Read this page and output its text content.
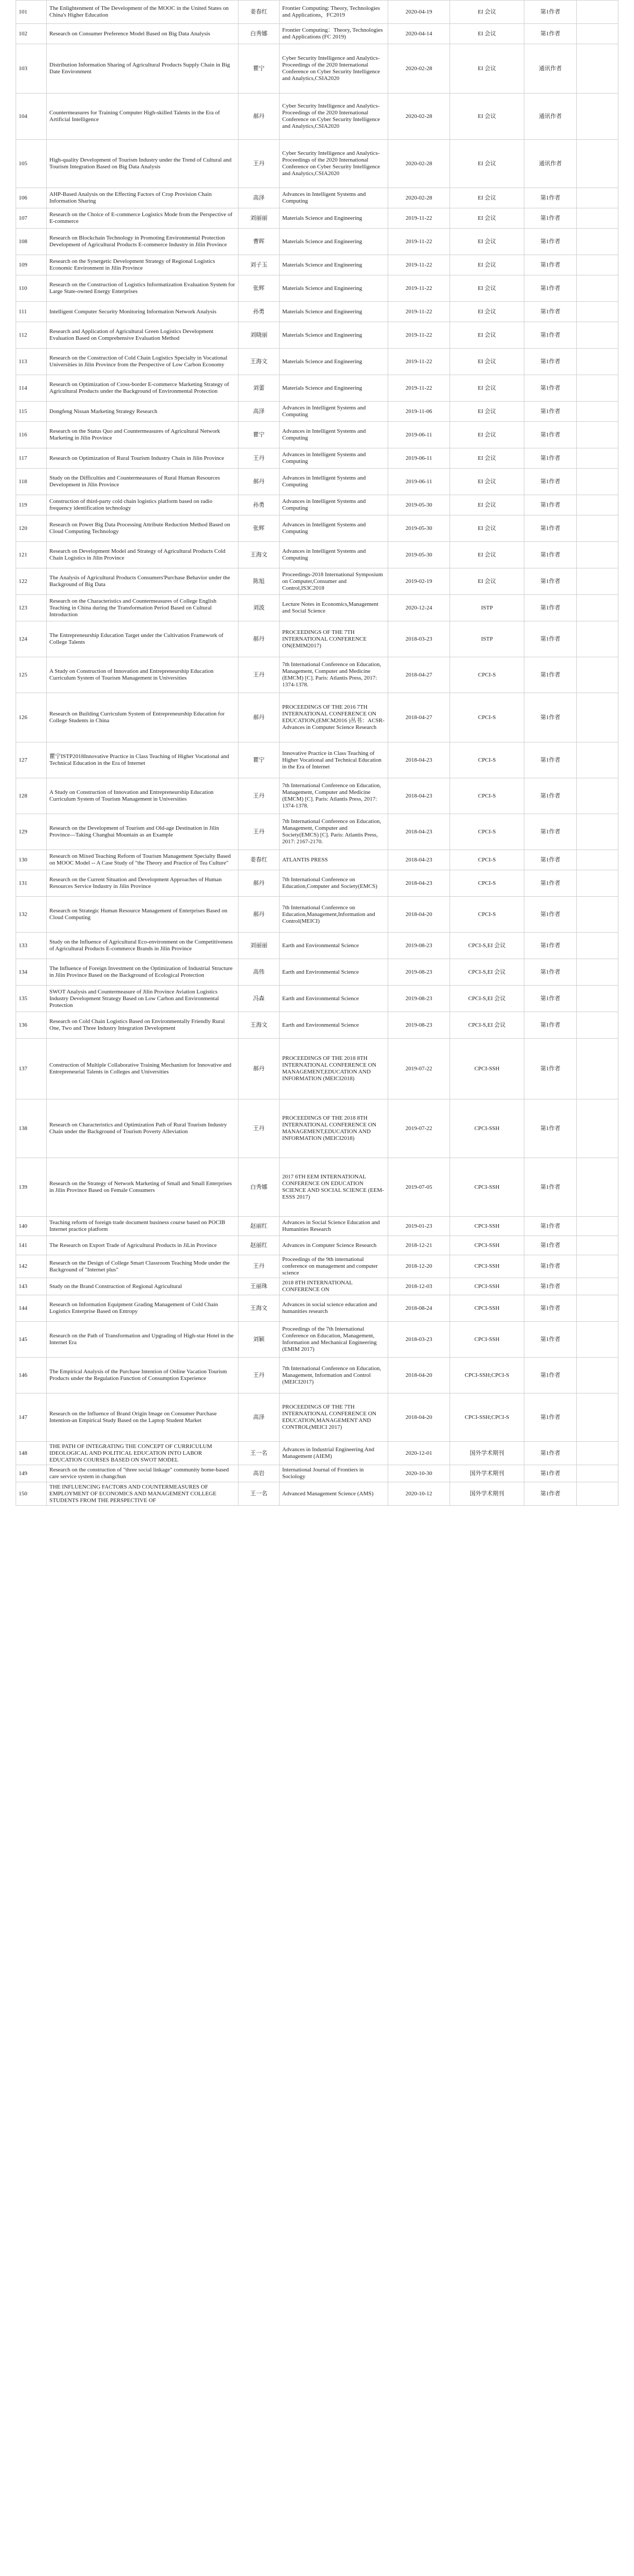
101	The Enlightenment of The Development of the MOOC in the United States on China's Higher Education	姜春红	Frontier Computing: Theory, Technologies and Applications，FC2019	2020-04-19	EI 会议	第1作者	
102	Research on Consumer Preference Model Based on Big Data Analysis	白秀娜	Frontier Computing：Theory, Technologies and Applications (FC 2019)	2020-04-14	EI 会议	第1作者	
103	Distribution Information Sharing of Agricultural Products Supply Chain in Big Date Environment	瞿宁	Cyber Security Intelligence and Analytics-Proceedings of the 2020 International Conference on Cyber Security Intelligence and Analytics,CSIA2020	2020-02-28	EI 会议	通讯作者	
104	Countermeasures for Training Computer High-skilled Talents in the Era of Artificial Intelligence	郝丹	Cyber Security Intelligence and Analytics-Proceedings of the 2020 International Conference on Cyber Security Intelligence and Analytics,CSIA2020	2020-02-28	EI 会议	通讯作者	
105	High-quality Development of Tourism Industry under the Trend of Cultural and Tourism Integration Based on Big Data Analysis	王丹	Cyber Security Intelligence and Analytics-Proceedings of the 2020 International Conference on Cyber Security Intelligence and Analytics,CSIA2020	2020-02-28	EI 会议	通讯作者	
106	AHP-Based Analysis on the Effecting Factors of Crop Provision Chain Information Sharing	高泽	Advances in Intelligent Systems and Computing	2020-02-28	EI 会议	第1作者	
107	Research on the Choice of E-commerce Logistics Mode from the Perspective of E-commerce	刘丽丽	Materials Science and Engineering	2019-11-22	EI 会议	第1作者	
108	Research on Blockchain Technology in Promoting Environmental Protection Development of Agricultural Products E-commerce Industry in Jilin Province	曹晖	Materials Science and Engineering	2019-11-22	EI 会议	第1作者	
109	Research on the Synergetic Development Strategy of Regional Logistics Economic Environment in Jilin Province	刘子玉	Materials Science and Engineering	2019-11-22	EI 会议	第1作者	
110	Research on the Construction of Logistics Informatization Evaluation System for Large State-owned Energy Enterprises	张辉	Materials Science and Engineering	2019-11-22	EI 会议	第1作者	
111	Intelligent Computer Security Monitoring Information Network Analysis	孙勇	Materials Science and Engineering	2019-11-22	EI 会议	第1作者	
112	Research and Application of Agricultural Green Logistics Development Evaluation Based on Comprehensive Evaluation Method	刘晓丽	Materials Science and Engineering	2019-11-22	EI 会议	第1作者	
113	Research on the Construction of Cold Chain Logistics Specialty in Vocational Universities in Jilin Province from the Perspective of Low Carbon Economy	王海文	Materials Science and Engineering	2019-11-22	EI 会议	第1作者	
114	Research on Optimization of Cross-border E-commerce Marketing Strategy of Agricultural Products under the Background of Environmental Protection	刘蕾	Materials Science and Engineering	2019-11-22	EI 会议	第1作者	
115	Dongfeng Nissan Marketing Strategy Research	高泽	Advances in Intelligent Systems and Computing	2019-11-06	EI 会议	第1作者	
116	Research on the Status Quo and Countermeasures of Agricultural Network Marketing in Jilin Province	瞿宁	Advances in Intelligent Systems and Computing	2019-06-11	EI 会议	第1作者	
117	Research on Optimization of Rural Tourism Industry Chain in Jilin Province	王丹	Advances in Intelligent Systems and Computing	2019-06-11	EI 会议	第1作者	
118	Study on the Difficulties and Countermeasures of Rural Human Resources Development in Jilin Province	郝丹	Advances in Intelligent Systems and Computing	2019-06-11	EI 会议	第1作者	
119	Construction of third-party cold chain logistics platform based on radio frequency identification technology	孙勇	Advances in Intelligent Systems and Computing	2019-05-30	EI 会议	第1作者	
120	Research on Power Big Data Processing Attribute Reduction Method Based on Cloud Computing Technology	张辉	Advances in Intelligent Systems and Computing	2019-05-30	EI 会议	第1作者	
121	Research on Development Model and Strategy of Agricultural Products Cold Chain Logistics in Jilin Province	王海文	Advances in Intelligent Systems and Computing	2019-05-30	EI 会议	第1作者	
122	The Analysis of Agricultural Products Consumers'Purchase Behavior under the Background of Big Data	陈旭	Proceedings-2018 International Symposium on Computer,Consumer and Control,IS3C2018	2019-02-19	EI 会议	第1作者	
123	Research on the Characteristics and Countermeasures of College English Teaching in China during the Transformation Period Based on Cultural Introduction	刘波	Lecture Notes in Economics,Management and Social Science	2020-12-24	ISTP	第1作者	
124	The Entrepreneurship Education Target under the Cultivation Framework of College Talents	郝丹	PROCEEDINGS OF THE 7TH INTERNATIONAL CONFERENCE ON(EMIM2017)	2018-03-23	ISTP	第1作者	
125	A Study on Construction of Innovation and Entrepreneurship Education Curriculum System of Tourism Management in Universities	王丹	7th International Conference on Education, Management, Computer and Medicine (EMCM) [C]. Paris: Atlantis Press, 2017: 1374-1378.	2018-04-27	CPCI-S	第1作者	
126	Research on Building Curriculum System of Entrepreneurship Education for College Students in China	郝丹	PROCEEDINGS OF THE 2016 7TH INTERNATIONAL CONFERENCE ON EDUCATION,(EMCM2016 )丛书：ACSR-Advances in Computer Science Research	2018-04-27	CPCI-S	第1作者	
127	瞿宁ISTP2018Innovative Practice in Class Teaching of Higher Vocational and Technical Education in the Era of Internet	瞿宁	Innovative Practice in Class Teaching of Higher Vocational and Technical Education in the Era of Internet	2018-04-23	CPCI-S	第1作者	
128	A Study on Construction of Innovation and Entrepreneurship Education Curriculum System of Tourism Management in Universities	王丹	7th International Conference on Education, Management, Computer and Medicine (EMCM) [C]. Paris: Atlantis Press, 2017: 1374-1378.	2018-04-23	CPCI-S	第1作者	
129	Research on the Development of Tourism and Old-age Destination in Jilin Province—Taking Changbai Mountain as an Example	王丹	7th International Conference on Education, Management, Computer and Society(EMCS) [C]. Paris: Atlantis Press, 2017: 2167-2170.	2018-04-23	CPCI-S	第1作者	
130	Research on Mixed Teaching Reform of Tourism Management Specialty Based on MOOC Model -- A Case Study of "the Theory and Practice of Tea Culture"	姜春红	ATLANTIS PRESS	2018-04-23	CPCI-S	第1作者	
131	Research on the Current Situation and Development Approaches of Human Resources Service Industry in Jilin Province	郝丹	7th International Conference on Education,Computer and Society(EMCS)	2018-04-23	CPCI-S	第1作者	
132	Research on Strategic Human Resource Management of Enterprises Based on Cloud Computing	郝丹	7th International Conference on Education,Management,Information and Control(MEICI)	2018-04-20	CPCI-S	第1作者	
133	Study on the Influence of Agricultural Eco-environment on the Competitiveness of Agricultural Products E-commerce Brands in Jilin Province	刘丽丽	Earth and Environmental Science	2019-08-23	CPCI-S,EI 会议	第1作者	
134	The Influence of Foreign Investment on the Optimization of Industrial Structure in Jilin Province Based on the Background of Ecological Protection	高伟	Earth and Environmental Science	2019-08-23	CPCI-S,EI 会议	第1作者	
135	SWOT Analysis and Countermeasure of Jilin Province Aviation Logistics Industry Development Strategy Based on Low Carbon and Environmental Protection	冯森	Earth and Environmental Science	2019-08-23	CPCI-S,EI 会议	第1作者	
136	Research on Cold Chain Logistics Based on Environmentally Friendly Rural One, Two and Three Industry Integration Development	王海文	Earth and Environmental Science	2019-08-23	CPCI-S,EI 会议	第1作者	
137	Construction of Multiple Collaborative Training Mechanism for Innovative and Entrepreneurial Talents in Colleges and Universities	郝丹	PROCEEDINGS OF THE 2018 8TH INTERNATIONAL CONFERENCE ON MANAGEMENT,EDUCATION AND INFORMATION (MEICI2018)	2019-07-22	CPCI-SSH	第1作者	
138	Research on Characteristics and Optimization Path of Rural Tourism Industry Chain under the Background of Tourism Poverty Alleviation	王丹	PROCEEDINGS OF THE 2018 8TH INTERNATIONAL CONFERENCE ON MANAGEMENT,EDUCATION AND INFORMATION (MEICI2018)	2019-07-22	CPCI-SSH	第1作者	
139	Research on the Strategy of Network Marketing of Small and Small Enterprises in Jilin Province Based on Female Consumers	白秀娜	2017 6TH EEM INTERNATIONAL CONFERENCE ON EDUCATION SCIENCE AND SOCIAL SCIENCE (EEM-ESSS 2017)	2019-07-05	CPCI-SSH	第1作者	
140	Teaching reform of foreign trade document business course based on POCIB Internet practice platform	赵丽红	Advances in Social Science Education and Humanities Research	2019-01-23	CPCI-SSH	第1作者	
141	The Research on Export Trade of Agricultural Products in JiLin Province	赵丽红	Advances in Computer Science Research	2018-12-21	CPCI-SSH	第1作者	
142	Research on the Design of College Smart Classroom Teaching Mode under the Background of "Internet plus"	王丹	Proceedings of the 9th international conference on management and computer science	2018-12-20	CPCI-SSH	第1作者	
143	Study on the Brand Construction of Regional Agricultural	王丽珠	2018 8TH INTERNATIONAL CONFERENCE ON	2018-12-03	CPCI-SSH	第1作者	
144	Research on Information Equipment Grading Management of Cold Chain Logistics Enterprise Based on Entropy	王海文	Advances in social science education and humanities research	2018-08-24	CPCI-SSH	第1作者	
145	Research on the Path of Transformation and Upgrading of High-star Hotel in the Internet Era	刘颖	Proceedings of the 7th International Conference on Education, Management, Information and Mechanical Engineering (EMIM 2017)	2018-03-23	CPCI-SSH	第1作者	
146	The Empirical Analysis of the Purchase Intention of Online Vacation Tourism Products under the Regulation Function of Consumption Experience	王丹	7th International Conference on Education, Management, Information and Control (MEICI2017)	2018-04-20	CPCI-SSH;CPCI-S	第1作者	
147	Research on the Influence of Brand Origin Image on Consumer Purchase Intention-an Empirical Study Based on the Laptop Student Market	高泽	PROCEEDINGS OF THE 7TH INTERNATIONAL CONFERENCE ON EDUCATION,MANAGEMENT AND CONTROL(MEICI 2017)	2018-04-20	CPCI-SSH;CPCI-S	第1作者	
148	THE PATH OF INTEGRATING THE CONCEPT OF CURRICULUM IDEOLOGICAL AND POLITICAL EDUCATION INTO LABOR EDUCATION COURSES BASED ON SWOT MODEL	王一名	Advances in Industrial Engineering And Management (AIEM)	2020-12-01	国外学术期刊	第1作者	
149	Research on the construction of "three social linkage" community home-based care service system in changchun	高岩	International Journal of Frontiers in Sociology	2020-10-30	国外学术期刊	第1作者	
150	THE INFLUENCING FACTORS AND COUNTERMEASURES OF EMPLOYMENT OF ECONOMICS AND MANAGEMENT COLLEGE STUDENTS FROM THE PERSPECTIVE OF	王一名	Advanced Management Science (AMS)	2020-10-12	国外学术期刊	第1作者	
